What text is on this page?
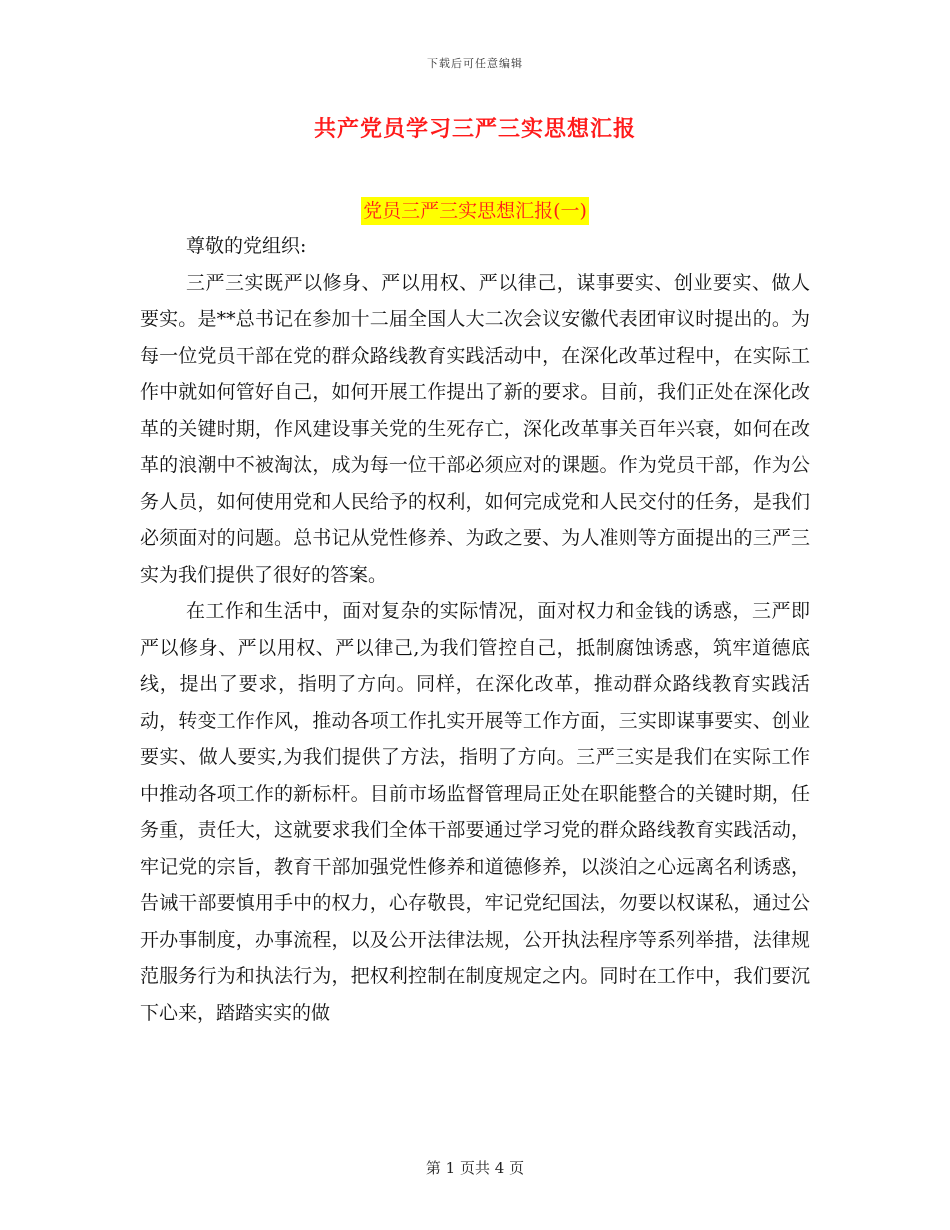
下载后可任意编辑
共产党员学习三严三实思想汇报
党员三严三实思想汇报(一)

尊敬的党组织:

三严三实既严以修身、严以用权、严以律己，谋事要实、创业要实、做人要实。是**总书记在参加十二届全国人大二次会议安徽代表团审议时提出的。为每一位党员干部在党的群众路线教育实践活动中，在深化改革过程中，在实际工作中就如何管好自己，如何开展工作提出了新的要求。目前，我们正处在深化改革的关键时期，作风建设事关党的生死存亡，深化改革事关百年兴衰，如何在改革的浪潮中不被淘汰，成为每一位干部必须应对的课题。作为党员干部，作为公务人员，如何使用党和人民给予的权利，如何完成党和人民交付的任务，是我们必须面对的问题。总书记从党性修养、为政之要、为人准则等方面提出的三严三实为我们提供了很好的答案。

在工作和生活中，面对复杂的实际情况，面对权力和金钱的诱惑，三严即严以修身、严以用权、严以律己,为我们管控自己，抵制腐蚀诱惑，筑牢道德底线，提出了要求，指明了方向。同样，在深化改革，推动群众路线教育实践活动，转变工作作风，推动各项工作扎实开展等工作方面，三实即谋事要实、创业要实、做人要实,为我们提供了方法，指明了方向。三严三实是我们在实际工作中推动各项工作的新标杆。目前市场监督管理局正处在职能整合的关键时期，任务重，责任大，这就要求我们全体干部要通过学习党的群众路线教育实践活动，牢记党的宗旨，教育干部加强党性修养和道德修养，以淡泊之心远离名利诱惑，告诫干部要慎用手中的权力，心存敬畏，牢记党纪国法，勿要以权谋私，通过公开办事制度，办事流程，以及公开法律法规，公开执法程序等系列举措，法律规范服务行为和执法行为，把权利控制在制度规定之内。同时在工作中，我们要沉下心来，踏踏实实的做

第 1 页共 4 页
